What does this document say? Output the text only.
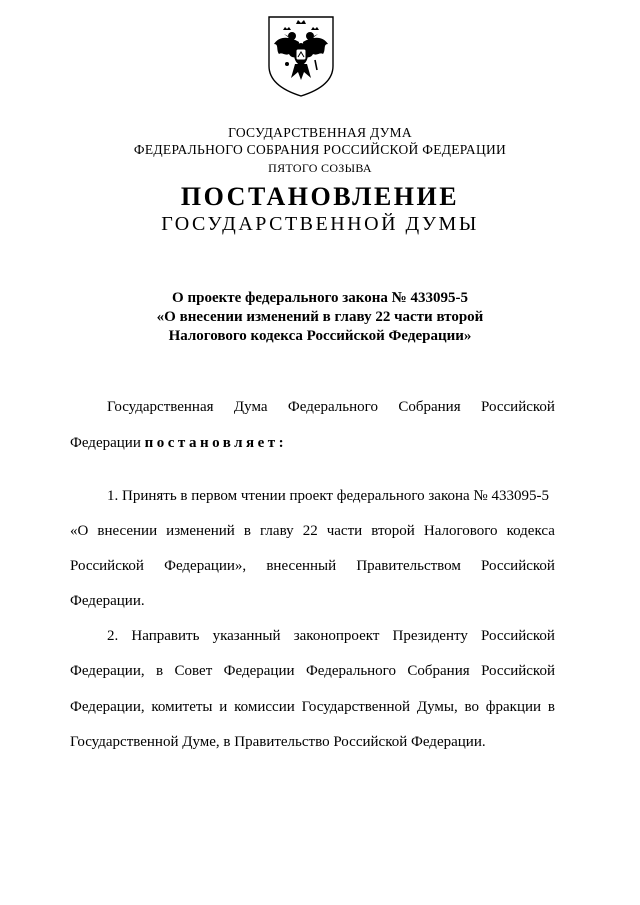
ГОСУДАРСТВЕННАЯ ДУМА
ФЕДЕРАЛЬНОГО СОБРАНИЯ РОССИЙСКОЙ ФЕДЕРАЦИИ
ПЯТОГО СОЗЫВА
ПОСТАНОВЛЕНИЕ
ГОСУДАРСТВЕННОЙ ДУМЫ
О проекте федерального закона № 433095-5
«О внесении изменений в главу 22 части второй
Налогового кодекса Российской Федерации»
Государственная Дума Федерального Собрания Российской
Федерации постановляет:
1. Принять в первом чтении проект федерального закона № 433095-5
«О внесении изменений в главу 22 части второй Налогового кодекса
Российской Федерации», внесенный Правительством Российской
Федерации.
2. Направить указанный законопроект Президенту Российской
Федерации, в Совет Федерации Федерального Собрания Российской
Федерации, комитеты и комиссии Государственной Думы, во фракции в
Государственной Думе, в Правительство Российской Федерации.
